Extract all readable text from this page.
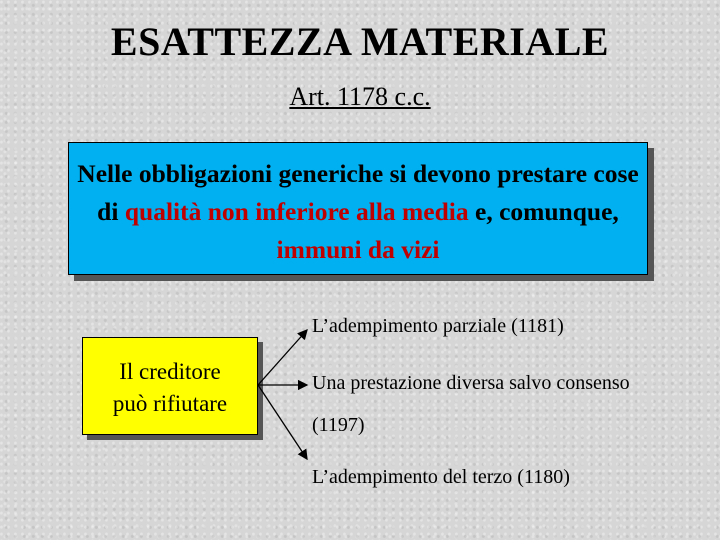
ESATTEZZA MATERIALE
Art. 1178 c.c.
Nelle obbligazioni generiche si devono prestare cose di qualità non inferiore alla media e, comunque, immuni da vizi
Il creditore
può rifiutare
L’adempimento parziale (1181)
Una prestazione diversa salvo consenso
(1197)
L’adempimento del terzo (1180)
